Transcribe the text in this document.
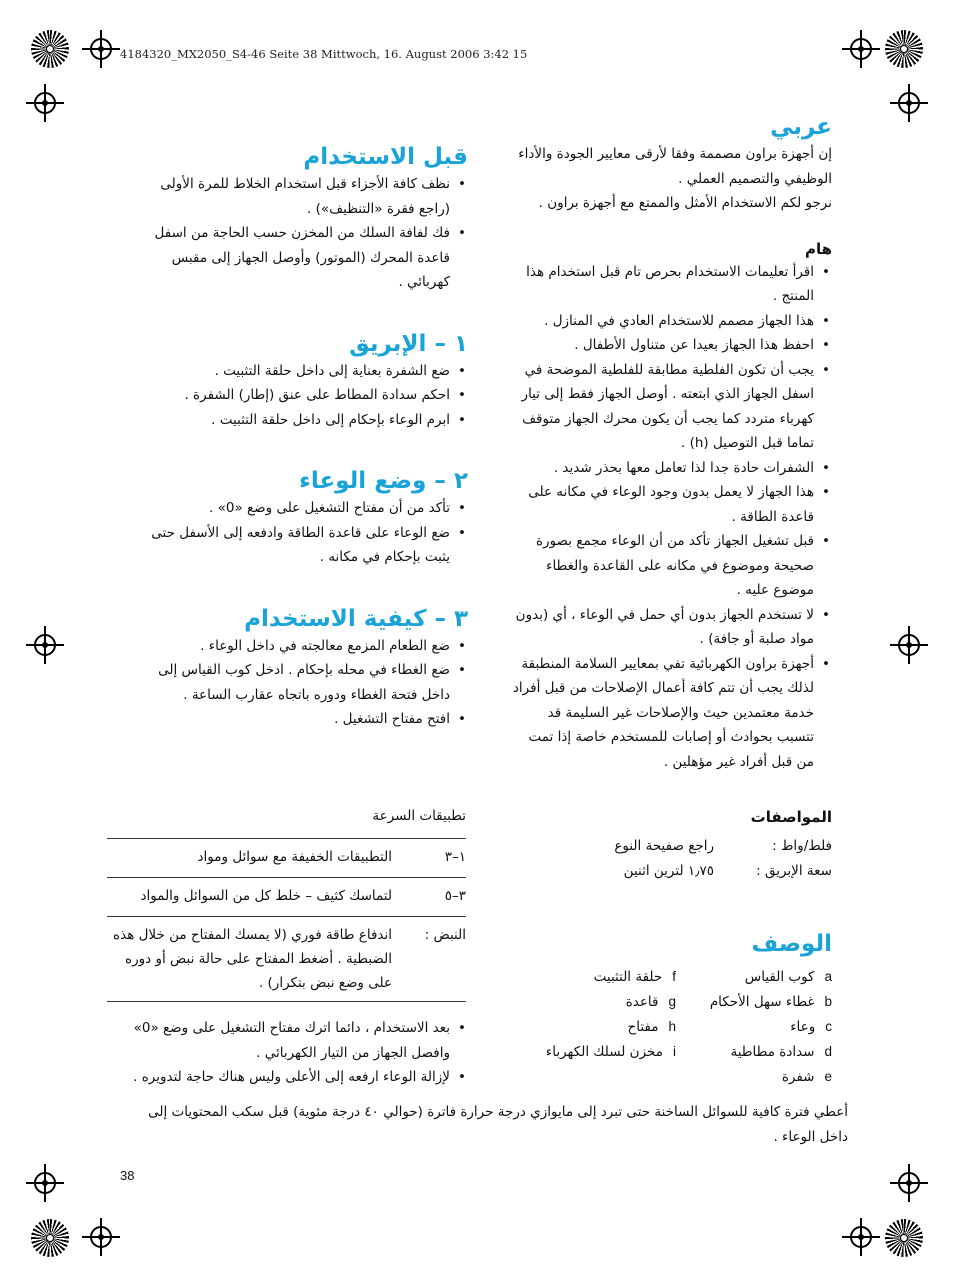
4184320_MX2050_S4-46 Seite 38 Mittwoch, 16. August 2006 3:42 15
عربي

إن أجهزة براون مصممة وفقا لأرقى معايير الجودة والأداء

الوظيفي والتصميم العملي .

نرجو لكم الاستخدام الأمثل والممتع مع أجهزة براون .

هام
• اقرأ تعليمات الاستخدام بحرص تام قبل استخدام هذا المنتج .
• هذا الجهاز مصمم للاستخدام العادي في المنازل .
• احفظ هذا الجهاز بعيدا عن متناول الأطفال .
• يجب أن تكون الفلطية مطابقة للفلطية الموضحة في اسفل الجهاز الذي ابتعته . أوصل الجهاز فقط إلى تيار كهرباء متردد كما يجب أن يكون محرك الجهاز متوقف تماما قبل التوصيل (h) .
• الشفرات حادة جدا لذا تعامل معها بحذر شديد .
• هذا الجهاز لا يعمل بدون وجود الوعاء في مكانه على قاعدة الطاقة .
• قبل تشغيل الجهاز تأكد من أن الوعاء مجمع بصورة صحيحة وموضوع في مكانه على القاعدة والغطاء موضوع عليه .
• لا تستخدم الجهاز بدون أي حمل في الوعاء ، أي (بدون مواد صلبة أو جافة) .
• أجهزة براون الكهربائية تفي بمعايير السلامة المنطبقة لذلك يجب أن تتم كافة أعمال الإصلاحات من قبل أفراد خدمة معتمدين حيث والإصلاحات غير السليمة قد تتسبب بحوادث أو إصابات للمستخدم خاصة إذا تمت من قبل أفراد غير مؤهلين .
المواصفات
فلط/واط :
راجع صفيحة النوع
سعة الإبريق :
١٫٧٥ لترين اثنين
الوصف
aكوب القياس
bغطاء سهل الأحكام
cوعاء
dسدادة مطاطية
eشفرة
fحلقة التثبيت
gقاعدة
hمفتاح
iمخزن لسلك الكهرباء
قبل الاستخدام
• نظف كافة الأجزاء قبل استخدام الخلاط للمرة الأولى (راجع فقرة «التنظيف») .
• فك لفافة السلك من المخزن حسب الحاجة من اسفل قاعدة المحرك (الموتور) وأوصل الجهاز إلى مقبس كهربائي .
١ – الإبريق
• ضع الشفرة بعناية إلى داخل حلقة التثبيت .
• احكم سدادة المطاط على عنق (إطار) الشفرة .
• ابرم الوعاء بإحكام إلى داخل حلقة التثبيت .
٢ – وضع الوعاء
• تأكد من أن مفتاح التشغيل على وضع «0» .
• ضع الوعاء على قاعدة الطاقة وادفعه إلى الأسفل حتى يثبت بإحكام في مكانه .
٣ – كيفية الاستخدام
• ضع الطعام المزمع معالجته في داخل الوعاء .
• ضع الغطاء في محله بإحكام . ادخل كوب القياس إلى داخل فتحة الغطاء ودوره باتجاه عقارب الساعة .
• افتح مفتاح التشغيل .
تطبيقات السرعة
١–٣
التطبيقات الخفيفة مع سوائل ومواد
٣–٥
لتماسك كثيف – خلط كل من السوائل والمواد
النبض :
اندفاع طاقة فوري (لا يمسك المفتاح من خلال هذه الضبطية . أضغط المفتاح على حالة نبض أو دوره على وضع نبض بتكرار) .
• بعد الاستخدام ، دائما اترك مفتاح التشغيل على وضع «0» وافصل الجهاز من التيار الكهربائي .
• لإزالة الوعاء ارفعه إلى الأعلى وليس هناك حاجة لتدويره .

أعطي فترة كافية للسوائل الساخنة حتى تبرد إلى مايوازي درجة حرارة فاترة (حوالي ٤٠ درجة مئوية) قبل سكب المحتويات إلى داخل الوعاء .

38
